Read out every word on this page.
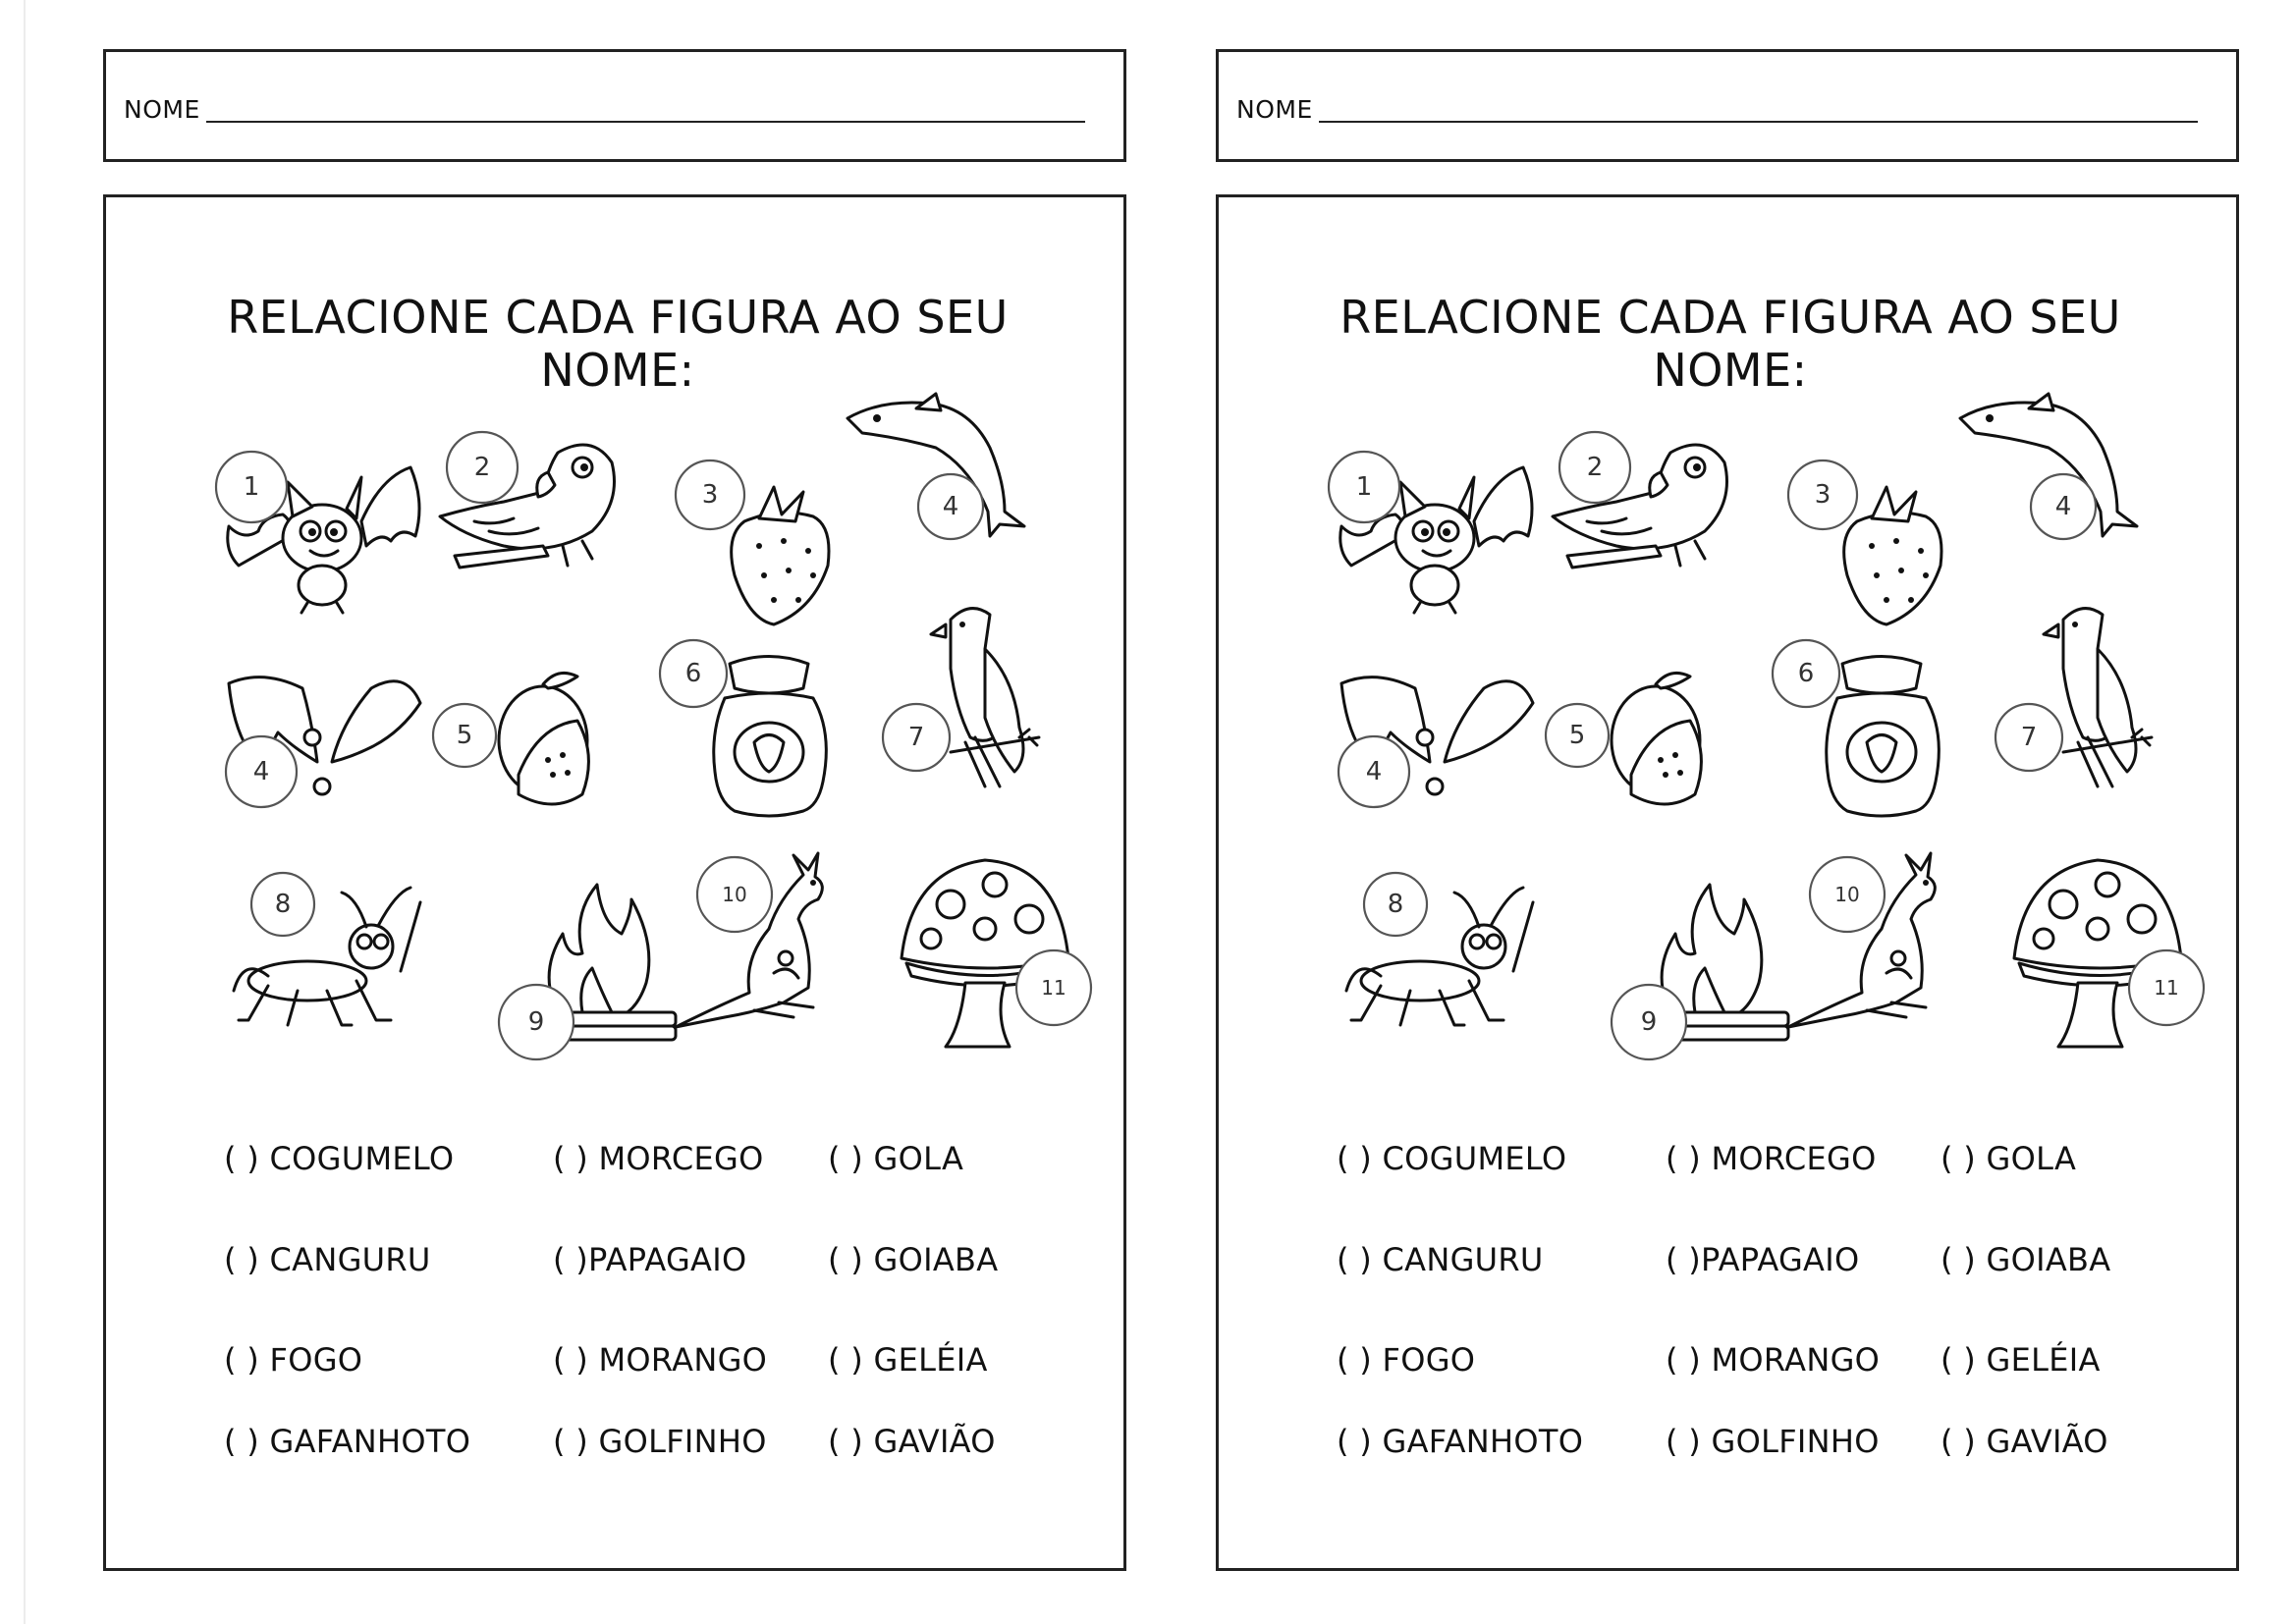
NOME
RELACIONE CADA FIGURA AO SEU
NOME:
1
2
3	4
4
5
6
7
8
9
10
11
( ) COGUMELO	( ) MORCEGO ( ) GOLA
( ) CANGURU	( )PAPAGAIO	( ) GOIABA
( ) FOGO	( ) MORANGO ( ) GELÉIA
( ) GAFANHOTO	( ) GOLFINHO ( ) GAVIÃO
NOME
RELACIONE CADA FIGURA AO SEU
NOME:
1
2
3	4
4
5
6
7
8
9
10
11
( ) COGUMELO	( ) MORCEGO ( ) GOLA
( ) CANGURU	( )PAPAGAIO	( ) GOIABA
( ) FOGO	( ) MORANGO ( ) GELÉIA
( ) GAFANHOTO	( ) GOLFINHO ( ) GAVIÃO
